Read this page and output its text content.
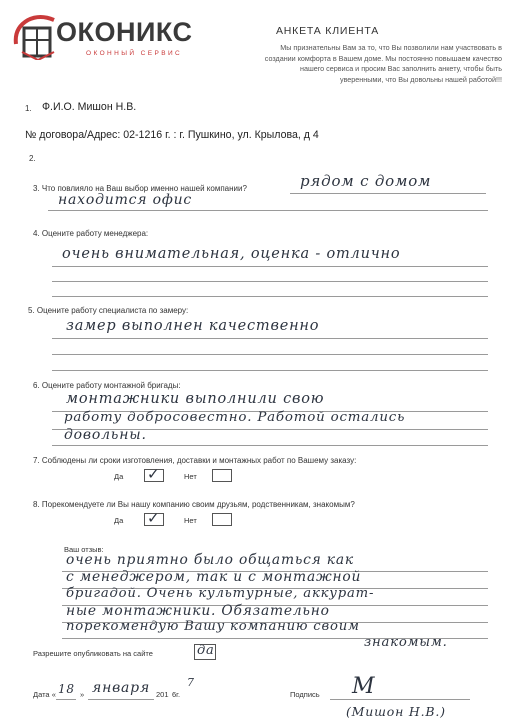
ОКОНИКС
ОКОННЫЙ СЕРВИС
АНКЕТА КЛИЕНТА
Мы признательны Вам за то, что Вы позволили нам участвовать в
создании комфорта в Вашем доме. Мы постоянно повышаем качество
нашего сервиса и просим Вас заполнить анкету, чтобы быть
уверенными, что Вы довольны нашей работой!!!
1. Ф.И.О. Мишон Н.В.
№ договора/Адрес: 02-1216 г. : г. Пушкино, ул. Крылова, д 4
2.
3. Что повлияло на Ваш выбор именно нашей компании?	рядом с домом
находится офис
4. Оцените работу менеджера:
очень внимательная, оценка - отлично
5. Оцените работу специалиста по замеру:
замер выполнен качественно
6. Оцените работу монтажной бригады:
монтажники выполнили свою
работу добросовестно. Работой остались
довольны.
7. Соблюдены ли сроки изготовления, доставки и монтажных работ по Вашему заказу:
Да ✓	Нет
8. Порекомендуете ли Вы нашу компанию своим друзьям, родственникам, знакомым?
Да ✓	Нет
Ваш отзыв:
очень приятно было общаться как
с менеджером, так и с монтажной
бригадой. Очень культурные, аккурат-
ные монтажники. Обязательно
порекомендую Вашу компанию своим
знакомым.
Разрешите опубликовать на сайте	да
Дата « 18 » января 201
7
6г.	Подпись М
(Мишон Н.В.)
